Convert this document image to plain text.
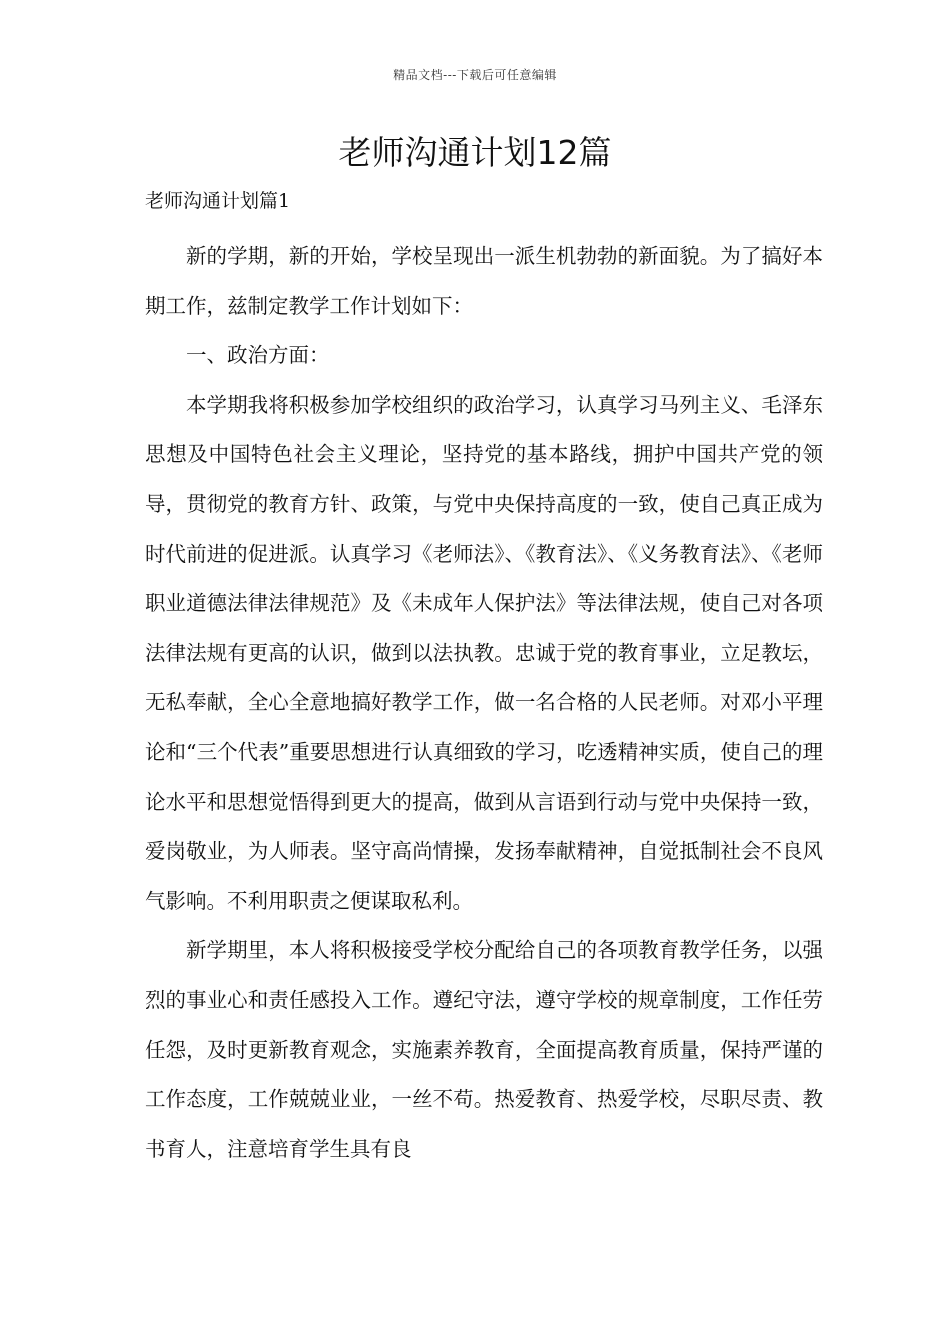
精品文档---下载后可任意编辑
老师沟通计划12篇
老师沟通计划篇1

新的学期，新的开始，学校呈现出一派生机勃勃的新面貌。为了搞好本期工作，兹制定教学工作计划如下：

一、政治方面：

本学期我将积极参加学校组织的政治学习，认真学习马列主义、毛泽东思想及中国特色社会主义理论，坚持党的基本路线，拥护中国共产党的领导，贯彻党的教育方针、政策，与党中央保持高度的一致，使自己真正成为时代前进的促进派。认真学习《老师法》、《教育法》、《义务教育法》、《老师职业道德法律法律规范》及《未成年人保护法》等法律法规，使自己对各项法律法规有更高的认识，做到以法执教。忠诚于党的教育事业，立足教坛，无私奉献，全心全意地搞好教学工作，做一名合格的人民老师。对邓小平理论和“三个代表”重要思想进行认真细致的学习，吃透精神实质，使自己的理论水平和思想觉悟得到更大的提高，做到从言语到行动与党中央保持一致，爱岗敬业，为人师表。坚守高尚情操，发扬奉献精神，自觉抵制社会不良风气影响。不利用职责之便谋取私利。

新学期里，本人将积极接受学校分配给自己的各项教育教学任务，以强烈的事业心和责任感投入工作。遵纪守法，遵守学校的规章制度，工作任劳任怨，及时更新教育观念，实施素养教育，全面提高教育质量，保持严谨的工作态度，工作兢兢业业，一丝不苟。热爱教育、热爱学校，尽职尽责、教书育人，注意培育学生具有良
